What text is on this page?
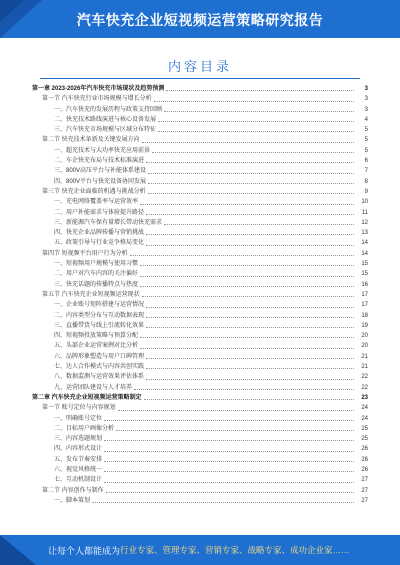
汽车快充企业短视频运营策略研究报告
内容目录
第一章 2023-2026年汽车快充市场现状及趋势预测	3
第一节 汽车快充行业市场规模与增长分析	3
一、汽车快充的发展历程与政策支持回顾	3
二、快充技术路线演进与核心设备发展	4
三、汽车快充市场规模与区域分布特征	5
第二节 快充技术革新及关键发展方向	5
一、超充技术与大功率快充应用前景	5
二、车企快充布局与技术标准演进	6
三、800V高压平台与补能体系建设	7
四、800V平台与快充设备协同发展	8
第三节 快充企业面临的机遇与挑战分析	9
一、充电网络覆盖率与运营效率	10
二、用户补能需求与体验提升路径	11
三、新能源汽车保有量增长带动快充需求	12
四、快充企业品牌传播与营销挑战	13
五、政策引导与行业竞争格局变化	14
第四节 短视频平台用户行为分析	14
一、短视频用户规模与使用习惯	15
二、用户对汽车内容的关注偏好	15
三、快充话题的传播特点与热度	16
第五节 汽车快充企业短视频运营现状	17
一、企业账号矩阵搭建与运营情况	17
二、内容类型分布与互动数据表现	18
三、直播带货与线上引流转化效果	19
四、短视频投放策略与预算分配	20
五、头部企业运营案例对比分析	20
六、品牌形象塑造与用户口碑管理	21
七、达人合作模式与内容共创实践	21
八、数据监测与运营效果评估体系	22
九、运营团队建设与人才培养	22
第二章 汽车快充企业短视频运营策略制定	23
第一节 账号定位与内容规划	24
一、明确账号定位	24
二、目标用户画像分析	25
三、内容选题规划	25
四、内容形式设计	26
五、发布节奏安排	26
六、视觉风格统一	26
七、互动机制设计	27
第二节 内容创作与制作	27
一、脚本策划	27
让每个人都能成为 行业专家、管理专家、营销专家、战略专家、成功企业家……
